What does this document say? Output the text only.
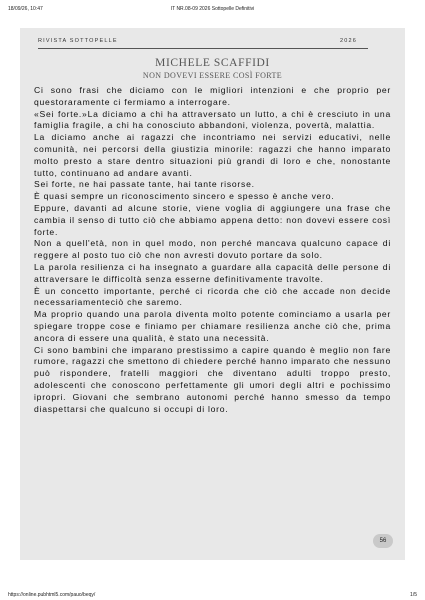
18/09/26, 10:47	IT NR.08-09 2026 Sottopelle Definitivi
RIVISTA SOTTOPELLE	2026
MICHELE SCAFFIDI
NON DOVEVI ESSERE COSÌ FORTE

Ci sono frasi che diciamo con le migliori intenzioni e che proprio per questoraramente ci fermiamo a interrogare.

«Sei forte.»La diciamo a chi ha attraversato un lutto, a chi è cresciuto in una famiglia fragile, a chi ha conosciuto abbandoni, violenza, povertà, malattia.

La diciamo anche ai ragazzi che incontriamo nei servizi educativi, nelle comunità, nei percorsi della giustizia minorile: ragazzi che hanno imparato molto presto a stare dentro situazioni più grandi di loro e che, nonostante tutto, continuano ad andare avanti.

Sei forte, ne hai passate tante, hai tante risorse.

È quasi sempre un riconoscimento sincero e spesso è anche vero.

Eppure, davanti ad alcune storie, viene voglia di aggiungere una frase che cambia il senso di tutto ciò che abbiamo appena detto: non dovevi essere così forte.

Non a quell'età, non in quel modo, non perché mancava qualcuno capace di reggere al posto tuo ciò che non avresti dovuto portare da solo.

La parola resilienza ci ha insegnato a guardare alla capacità delle persone di attraversare le difficoltà senza esserne definitivamente travolte.

È un concetto importante, perché ci ricorda che ciò che accade non decide necessariamenteciò che saremo.

Ma proprio quando una parola diventa molto potente cominciamo a usarla per spiegare troppe cose e finiamo per chiamare resilienza anche ciò che, prima ancora di essere una qualità, è stato una necessità.

Ci sono bambini che imparano prestissimo a capire quando è meglio non fare rumore, ragazzi che smettono di chiedere perché hanno imparato che nessuno può rispondere, fratelli maggiori che diventano adulti troppo presto, adolescenti che conoscono perfettamente gli umori degli altri e pochissimo ipropri. Giovani che sembrano autonomi perché hanno smesso da tempo diaspettarsi che qualcuno si occupi di loro.

56
https://online.pubhtml5.com/pauo/beqy/	1/5
